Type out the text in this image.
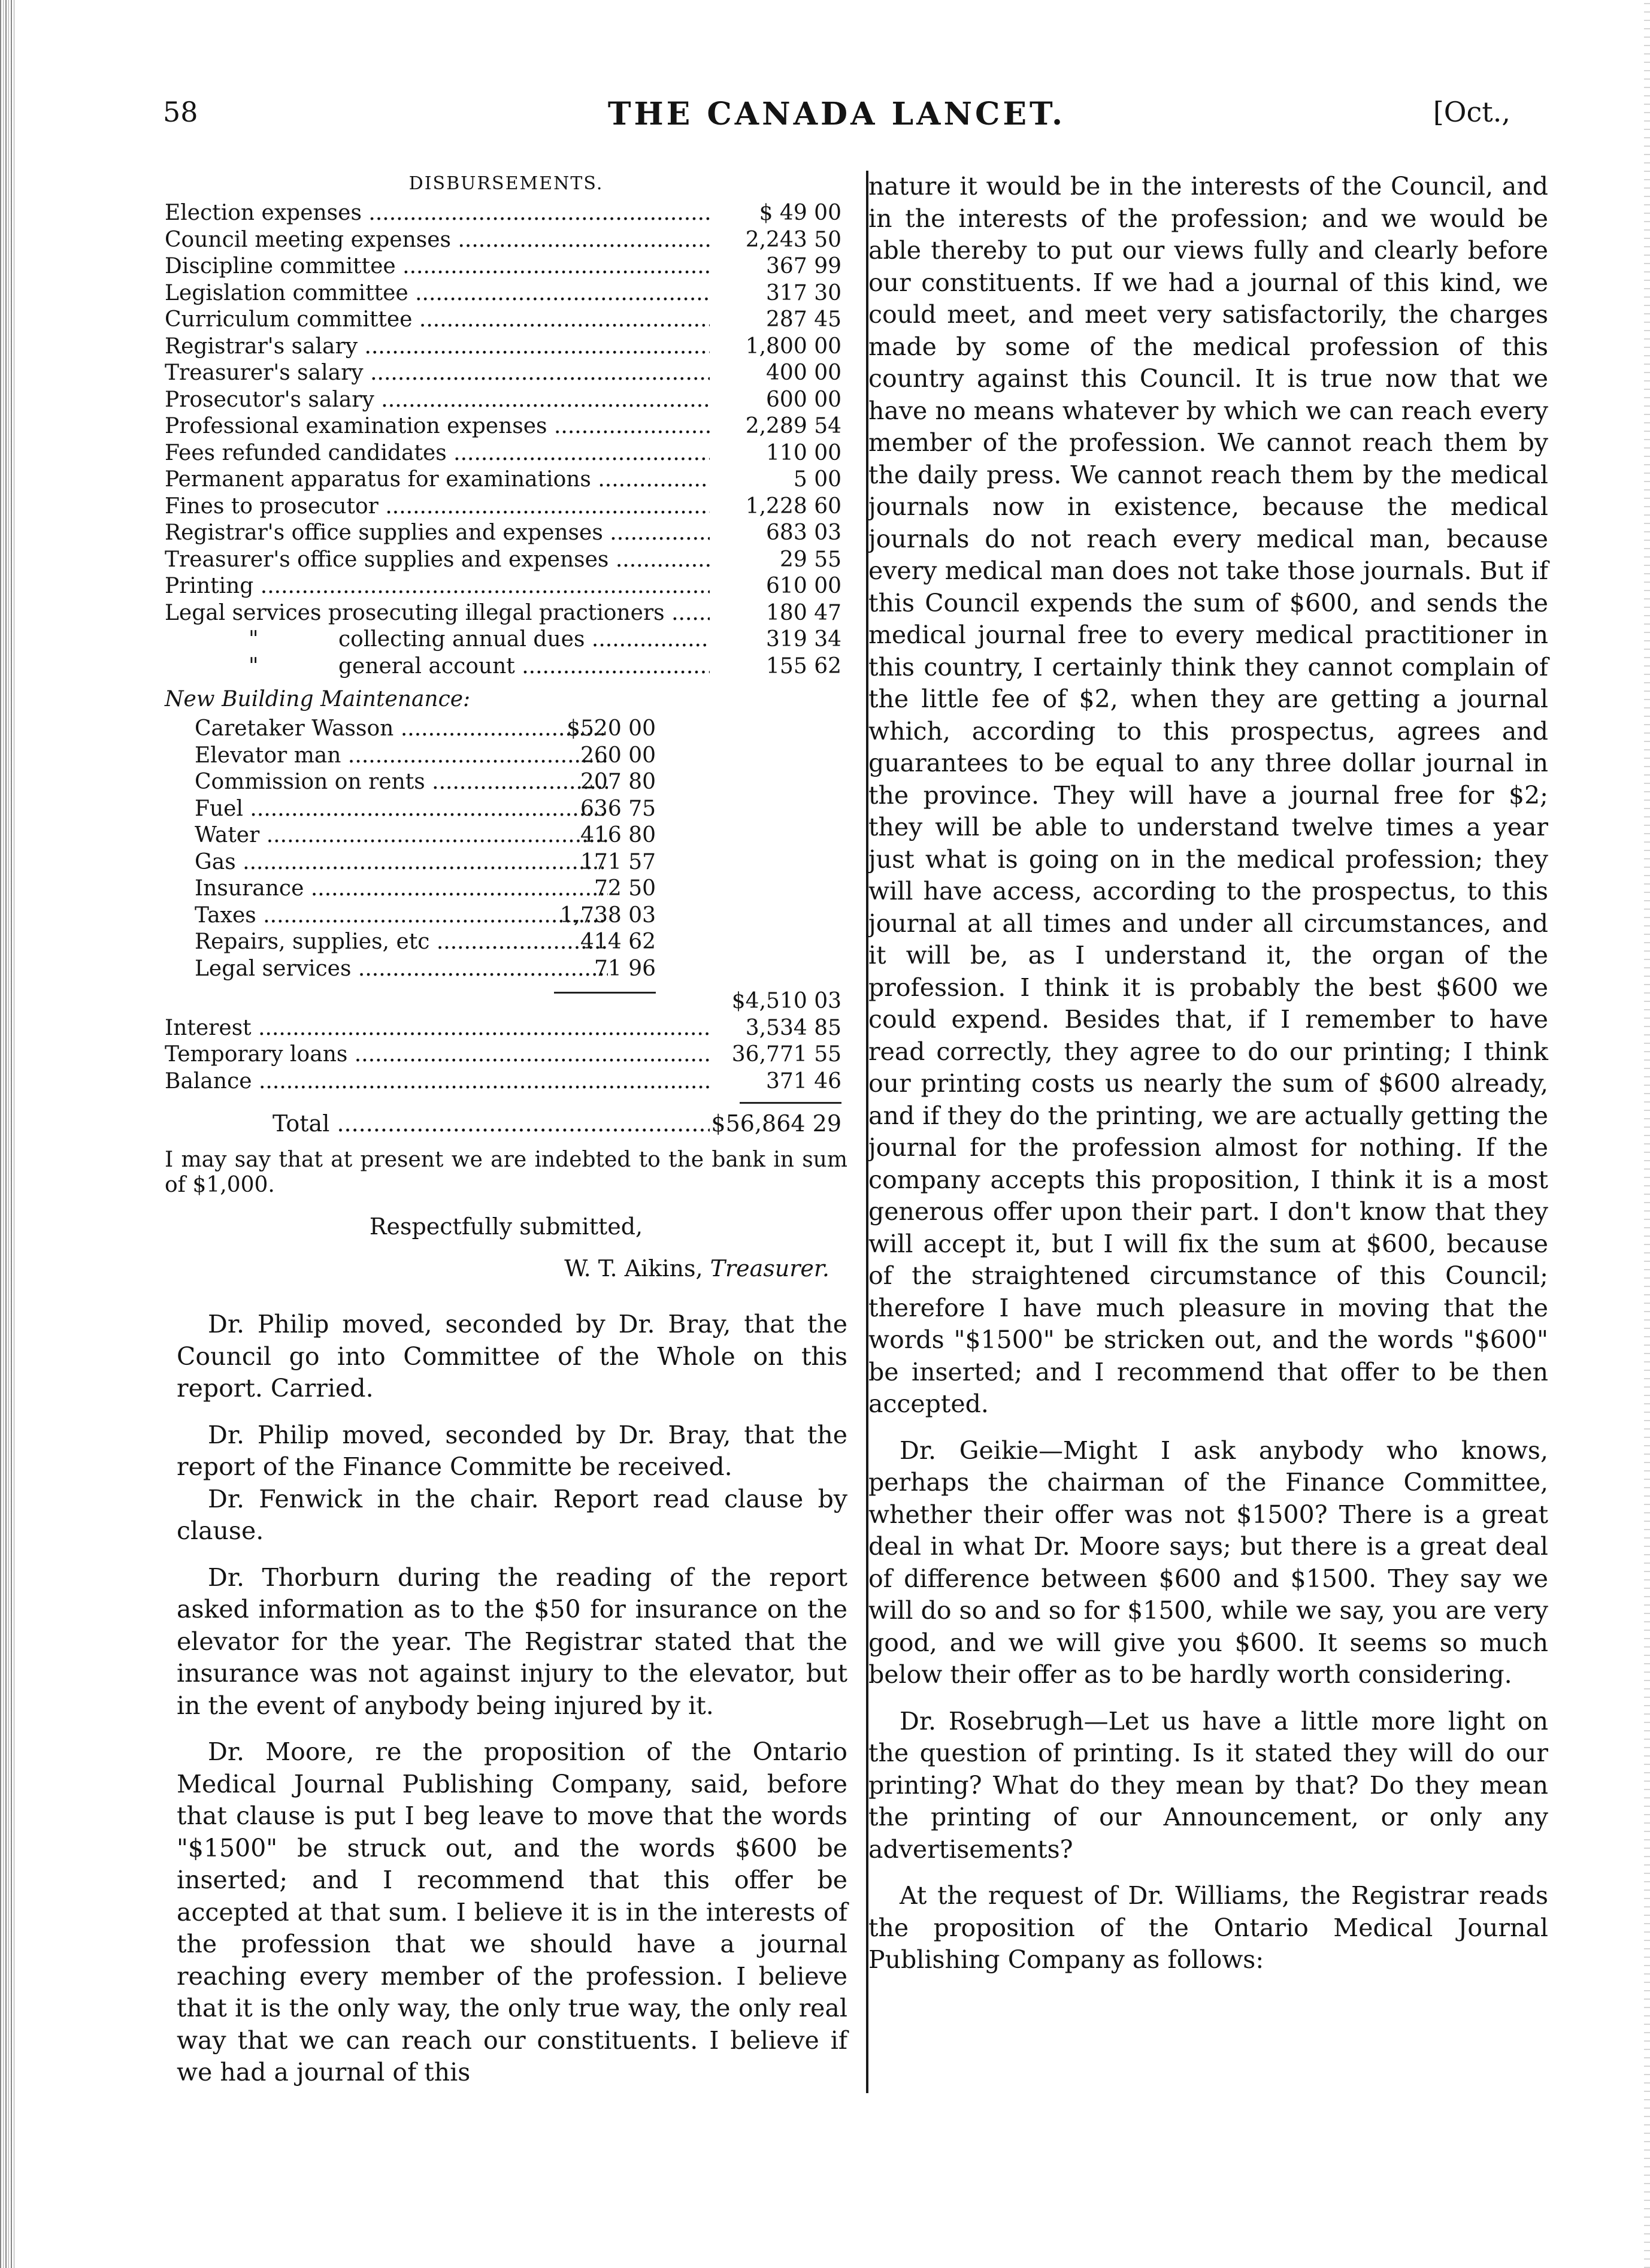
58	THE CANADA LANCET.	[Oct.,
DISBURSEMENTS.
Election expenses .....	$ 49 00
Council meeting expenses .....	2,243 50
Discipline committee .....	367 99
Legislation committee .....	317 30
Curriculum committee .....	287 45
Registrar's salary .....	1,800 00
Treasurer's salary .....	400 00
Prosecutor's salary .....	600 00
Professional examination expenses .....	2,289 54
Fees refunded candidates .....	110 00
Permanent apparatus for examinations .....	5 00
Fines to prosecutor .....	1,228 60
Registrar's office supplies and expenses .....	683 03
Treasurer's office supplies and expenses .....	29 55
Printing .....	610 00
Legal services prosecuting illegal practioners .....	180 47
"	collecting annual dues .....	319 34
"	general account .....	155 62
New Building Maintenance:
Caretaker Wasson .....	$520 00
Elevator man .....	260 00
Commission on rents .....	207 80
Fuel .....	636 75
Water .....	416 80
Gas .....	171 57
Insurance .....	72 50
Taxes .....	1,738 03
Repairs, supplies, etc .....	414 62
Legal services .....	71 96
$4,510 03
Interest .....	3,534 85
Temporary loans .....	36,771 55
Balance .....	371 46
Total .....	$56,864 29
I may say that at present we are indebted to the bank in sum of $1,000.
Respectfully submitted,
W. T. Aikins, Treasurer.

Dr. Philip moved, seconded by Dr. Bray, that the Council go into Committee of the Whole on this report. Carried.

Dr. Philip moved, seconded by Dr. Bray, that the report of the Finance Committe be received.

Dr. Fenwick in the chair. Report read clause by clause.

Dr. Thorburn during the reading of the report asked information as to the $50 for insurance on the elevator for the year. The Registrar stated that the insurance was not against injury to the elevator, but in the event of anybody being injured by it.

Dr. Moore, re the proposition of the Ontario Medical Journal Publishing Company, said, before that clause is put I beg leave to move that the words "$1500" be struck out, and the words $600 be inserted; and I recommend that this offer be accepted at that sum. I believe it is in the interests of the profession that we should have a journal reaching every member of the profession. I believe that it is the only way, the only true way, the only real way that we can reach our constituents. I believe if we had a journal of this

nature it would be in the interests of the Council, and in the interests of the profession; and we would be able thereby to put our views fully and clearly before our constituents. If we had a journal of this kind, we could meet, and meet very satisfactorily, the charges made by some of the medical profession of this country against this Council. It is true now that we have no means whatever by which we can reach every member of the profession. We cannot reach them by the daily press. We cannot reach them by the medical journals now in existence, because the medical journals do not reach every medical man, because every medical man does not take those journals. But if this Council expends the sum of $600, and sends the medical journal free to every medical practitioner in this country, I certainly think they cannot complain of the little fee of $2, when they are getting a journal which, according to this prospectus, agrees and guarantees to be equal to any three dollar journal in the province. They will have a journal free for $2; they will be able to understand twelve times a year just what is going on in the medical profession; they will have access, according to the prospectus, to this journal at all times and under all circumstances, and it will be, as I understand it, the organ of the profession. I think it is probably the best $600 we could expend. Besides that, if I remember to have read correctly, they agree to do our printing; I think our printing costs us nearly the sum of $600 already, and if they do the printing, we are actually getting the journal for the profession almost for nothing. If the company accepts this proposition, I think it is a most generous offer upon their part. I don't know that they will accept it, but I will fix the sum at $600, because of the straightened circumstance of this Council; therefore I have much pleasure in moving that the words "$1500" be stricken out, and the words "$600" be inserted; and I recommend that offer to be then accepted.

Dr. Geikie—Might I ask anybody who knows, perhaps the chairman of the Finance Committee, whether their offer was not $1500? There is a great deal in what Dr. Moore says; but there is a great deal of difference between $600 and $1500. They say we will do so and so for $1500, while we say, you are very good, and we will give you $600. It seems so much below their offer as to be hardly worth considering.

Dr. Rosebrugh—Let us have a little more light on the question of printing. Is it stated they will do our printing? What do they mean by that? Do they mean the printing of our Announcement, or only any advertisements?

At the request of Dr. Williams, the Registrar reads the proposition of the Ontario Medical Journal Publishing Company as follows:
